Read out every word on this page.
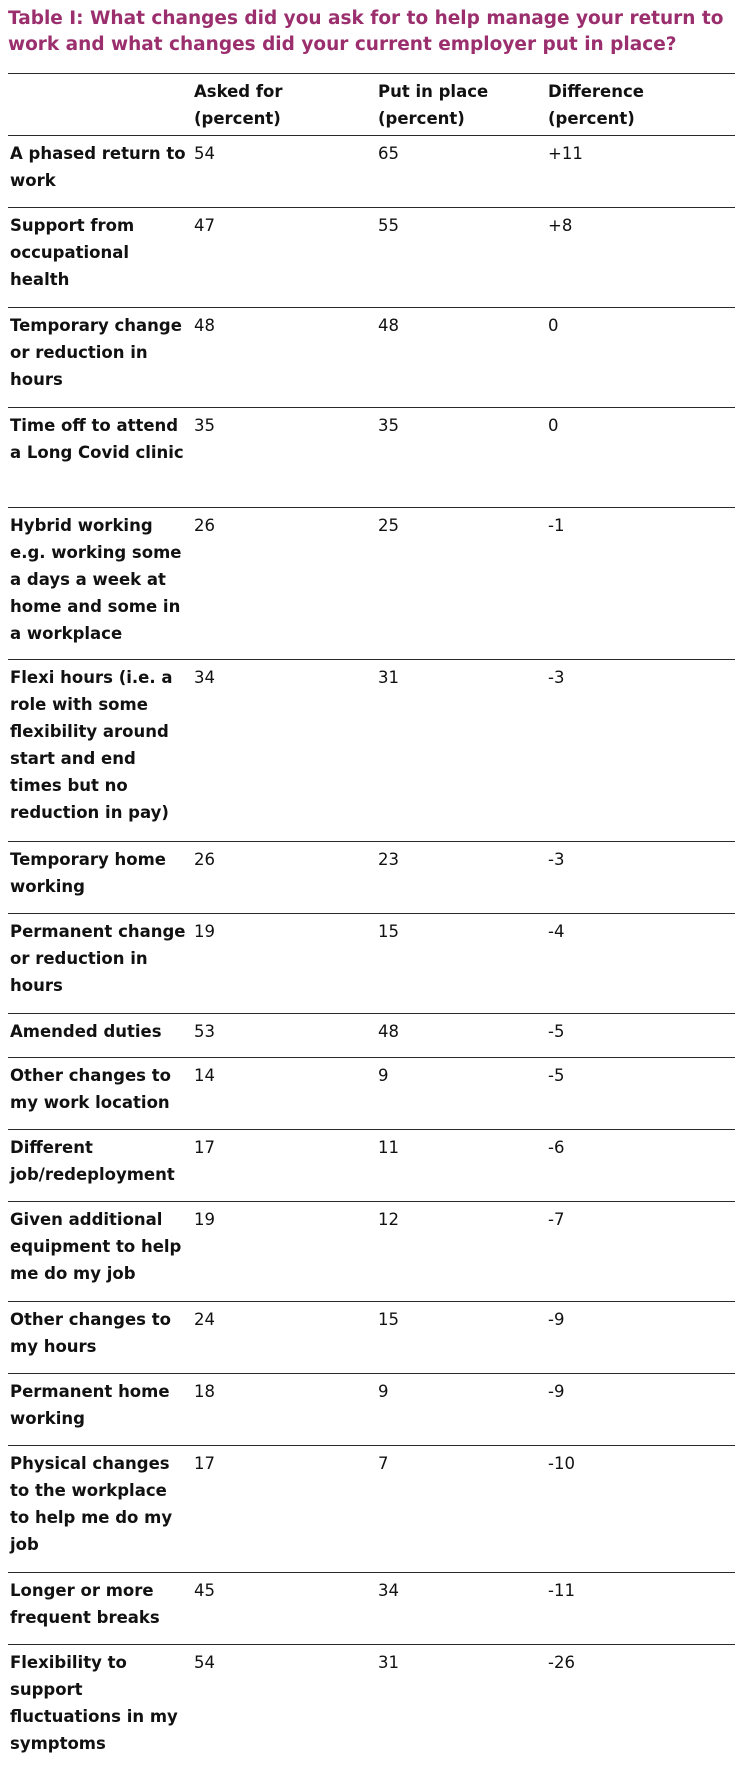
Table I: What changes did you ask for to help manage your return to work and what changes did your current employer put in place?
Asked for (percent)
Put in place (percent)
Difference (percent)
A phased return to work
54	65	+11
Support from occupational health
47	55	+8
Temporary change or reduction in hours
48	48	0
Time off to attend a Long Covid clinic
35	35	0
Hybrid working e.g. working some a days a week at home and some in a workplace
26	25	-1
Flexi hours (i.e. a role with some flexibility around start and end times but no reduction in pay)
34	31	-3
Temporary home working
26	23	-3
Permanent change or reduction in hours
19	15	-4
Amended duties	53	48	-5
Other changes to my work location
14	9	-5
Different job/redeployment
17	11	-6
Given additional equipment to help me do my job
19	12	-7
Other changes to my hours
24	15	-9
Permanent home working
18	9	-9
Physical changes to the workplace to help me do my job
17	7	-10
Longer or more frequent breaks
45	34	-11
Flexibility to support fluctuations in my symptoms
54	31	-26
